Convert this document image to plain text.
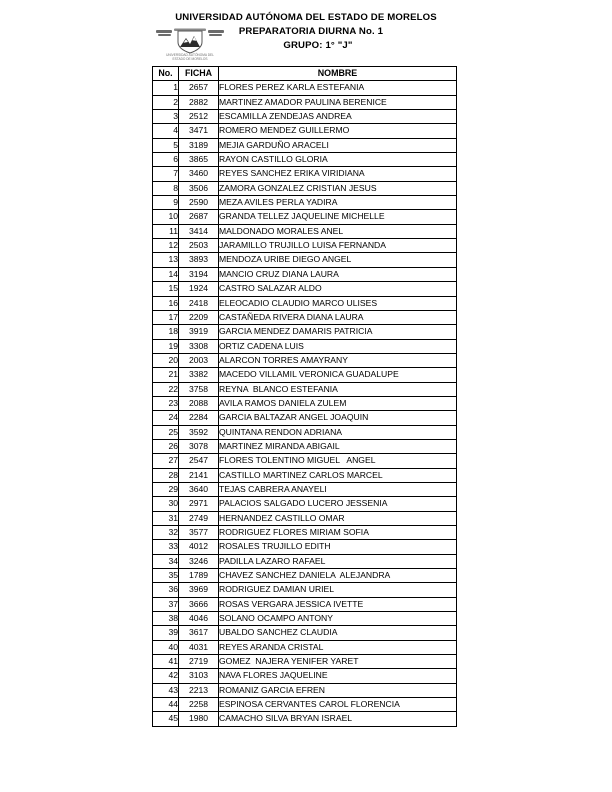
UNIVERSIDAD AUTÓNOMA DEL ESTADO DE MORELOS
PREPARATORIA DIURNA No. 1
GRUPO: 1° "J"
UNIVERSIDAD AUTÓNOMA DEL
ESTADO DE MORELOS
No.	FICHA	NOMBRE
1	2657	FLORES PEREZ KARLA ESTEFANIA
2	2882	MARTINEZ AMADOR PAULINA BERENICE
3	2512	ESCAMILLA ZENDEJAS ANDREA
4	3471	ROMERO MENDEZ GUILLERMO
5	3189	MEJIA GARDUÑO ARACELI
6	3865	RAYON CASTILLO GLORIA
7	3460	REYES SANCHEZ ERIKA VIRIDIANA
8	3506	ZAMORA GONZALEZ CRISTIAN JESUS
9	2590	MEZA AVILES PERLA YADIRA
10	2687	GRANDA TELLEZ JAQUELINE MICHELLE
11	3414	MALDONADO MORALES ANEL
12	2503	JARAMILLO TRUJILLO LUISA FERNANDA
13	3893	MENDOZA URIBE DIEGO ANGEL
14	3194	MANCIO CRUZ DIANA LAURA
15	1924	CASTRO SALAZAR ALDO
16	2418	ELEOCADIO CLAUDIO MARCO ULISES
17	2209	CASTAÑEDA RIVERA DIANA LAURA
18	3919	GARCIA MENDEZ DAMARIS PATRICIA
19	3308	ORTIZ CADENA LUIS
20	2003	ALARCON TORRES AMAYRANY
21	3382	MACEDO VILLAMIL VERONICA GUADALUPE
22	3758	REYNA  BLANCO ESTEFANIA
23	2088	AVILA RAMOS DANIELA ZULEM
24	2284	GARCIA BALTAZAR ANGEL JOAQUIN
25	3592	QUINTANA RENDON ADRIANA
26	3078	MARTINEZ MIRANDA ABIGAIL
27	2547	FLORES TOLENTINO MIGUEL   ANGEL
28	2141	CASTILLO MARTINEZ CARLOS MARCEL
29	3640	TEJAS CABRERA ANAYELI
30	2971	PALACIOS SALGADO LUCERO JESSENIA
31	2749	HERNANDEZ CASTILLO OMAR
32	3577	RODRIGUEZ FLORES MIRIAM SOFIA
33	4012	ROSALES TRUJILLO EDITH
34	3246	PADILLA LAZARO RAFAEL
35	1789	CHAVEZ SANCHEZ DANIELA  ALEJANDRA
36	3969	RODRIGUEZ DAMIAN URIEL
37	3666	ROSAS VERGARA JESSICA IVETTE
38	4046	SOLANO OCAMPO ANTONY
39	3617	UBALDO SANCHEZ CLAUDIA
40	4031	REYES ARANDA CRISTAL
41	2719	GOMEZ  NAJERA YENIFER YARET
42	3103	NAVA FLORES JAQUELINE
43	2213	ROMANIZ GARCIA EFREN
44	2258	ESPINOSA CERVANTES CAROL FLORENCIA
45	1980	CAMACHO SILVA BRYAN ISRAEL
